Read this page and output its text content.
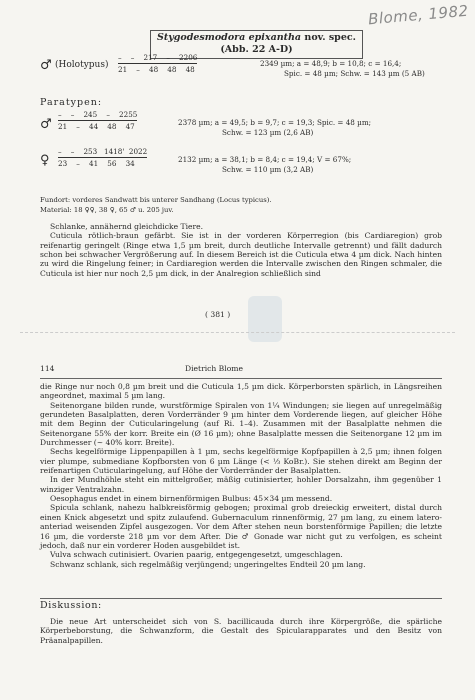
Blome, 1982
Stygodesmodora epixantha nov. spec.
(Abb. 22 A-D)
♂ (Holotypus)
–    –    217    –    2206
21    –    48    48    48
2349 µm; a = 48,9; b = 10,8; c = 16,4;
Spic. = 48 µm; Schw. = 143 µm (5 AB)
Paratypen:
♂
–    –    245    –    2255
21    –    44    48    47	2378 µm; a = 49,5; b = 9,7; c = 19,3; Spic. = 48 µm;
Schw. = 123 µm (2,6 AB)
♀
–    –    253   1418'  2022
23    –    41    56    34	2132 µm; a = 38,1; b = 8,4; c = 19,4; V = 67%;
Schw. = 110 µm (3,2 AB)
Fundort: vorderes Sandwatt bis unterer Sandhang (Locus typicus).
Material: 18 ♀♀, 38 ♀, 65 ♂ u. 205 juv.

Schlanke, annähernd gleichdicke Tiere.

Cuticula rötlich-braun gefärbt. Sie ist in der vorderen Körperregion (bis Cardiaregion) grob reifenartig geringelt (Ringe etwa 1,5 µm breit, durch deutliche Intervalle getrennt) und fällt dadurch schon bei schwacher Vergrößerung auf. In diesem Bereich ist die Cuticula etwa 4 µm dick. Nach hinten zu wird die Ringelung feiner; in Cardiaregion werden die Intervalle zwischen den Ringen schmaler, die Cuticula ist hier nur noch 2,5 µm dick, in der Analregion schließlich sind

( 381 )
114	Dietrich Blome

die Ringe nur noch 0,8 µm breit und die Cuticula 1,5 µm dick. Körperborsten spärlich, in Längsreihen angeordnet, maximal 5 µm lang.

Seitenorgane bilden runde, wurstförmige Spiralen von 1¼ Windungen; sie liegen auf unregelmäßig gerundeten Basalplatten, deren Vorderränder 9 µm hinter dem Vorderende liegen, auf gleicher Höhe mit dem Beginn der Cuticularingelung (auf Ri. 1–4). Zusammen mit der Basalplatte nehmen die Seitenorgane 55% der korr. Breite ein (Ø 16 µm); ohne Basalplatte messen die Seitenorgane 12 µm im Durchmesser (~ 40% korr. Breite).

Sechs kegelförmige Lippenpapillen à 1 µm, sechs kegelförmige Kopfpapillen à 2,5 µm; ihnen folgen vier plumpe, submediane Kopfborsten von 6 µm Länge (< ⅓ KoBr.). Sie stehen direkt am Beginn der reifenartigen Cuticularingelung, auf Höhe der Vorderränder der Basalplatten.

In der Mundhöhle steht ein mittelgroßer, mäßig cutinisierter, hohler Dorsalzahn, ihm gegenüber 1 winziger Ventralzahn.

Oesophagus endet in einem birnenförmigen Bulbus: 45×34 µm messend.

Spicula schlank, nahezu halbkreisförmig gebogen; proximal grob dreieckig erweitert, distal durch einen Knick abgesetzt und spitz zulaufend. Gubernaculum rinnenförmig, 27 µm lang, zu einem latero-anteriad weisenden Zipfel ausgezogen. Vor dem After stehen neun borstenförmige Papillen; die letzte 16 µm, die vorderste 218 µm vor dem After. Die ♂ Gonade war nicht gut zu verfolgen, es scheint jedoch, daß nur ein vorderer Hoden ausgebildet ist.

Vulva schwach cutinisiert. Ovarien paarig, entgegengesetzt, umgeschlagen.

Schwanz schlank, sich regelmäßig verjüngend; ungeringeltes Endteil 20 µm lang.

Diskussion:

Die neue Art unterscheidet sich von S. bacillicauda durch ihre Körpergröße, die spärliche Körperbeborstung, die Schwanzform, die Gestalt des Spicularapparates und den Besitz von Präanalpapillen.
